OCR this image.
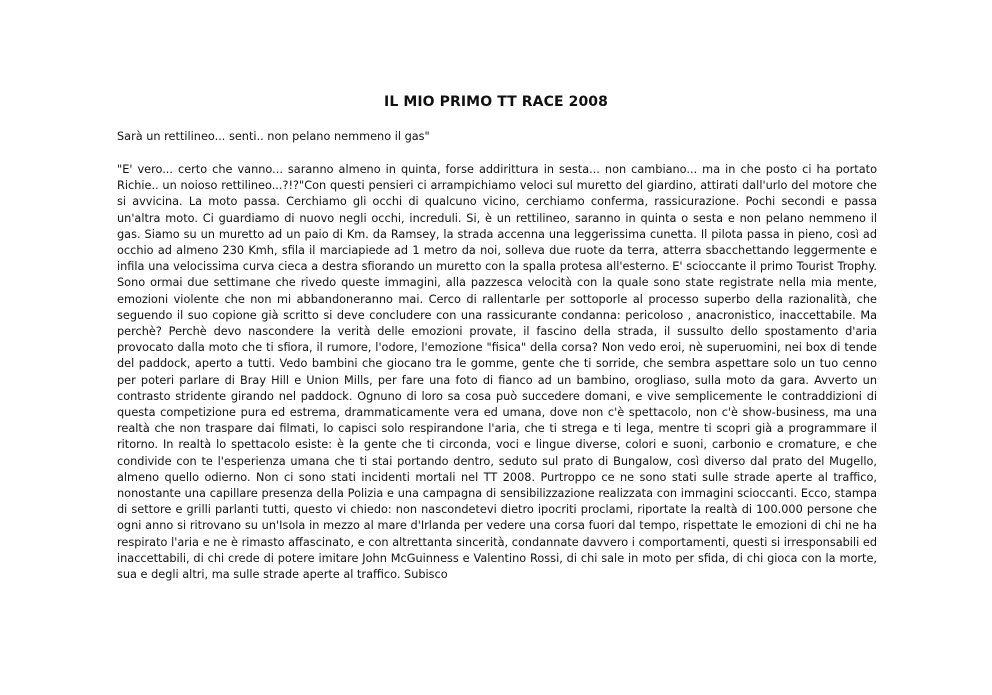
IL MIO PRIMO TT RACE 2008

Sarà un rettilineo... senti.. non pelano nemmeno il gas"

"E' vero... certo che vanno... saranno almeno in quinta, forse addirittura in sesta... non cambiano... ma in che posto ci ha portato Richie.. un noioso rettilineo...?!?"Con questi pensieri ci arrampichiamo veloci sul muretto del giardino, attirati dall'urlo del motore che si avvicina. La moto passa. Cerchiamo gli occhi di qualcuno vicino, cerchiamo conferma, rassicurazione. Pochi secondi e passa un'altra moto. Ci guardiamo di nuovo negli occhi, increduli. Si, è un rettilineo, saranno in quinta o sesta e non pelano nemmeno il gas. Siamo su un muretto ad un paio di Km. da Ramsey, la strada accenna una leggerissima cunetta. Il pilota passa in pieno, così ad occhio ad almeno 230 Kmh, sfila il marciapiede ad 1 metro da noi, solleva due ruote da terra, atterra sbacchettando leggermente e infila una velocissima curva cieca a destra sfiorando un muretto con la spalla protesa all'esterno. E' scioccante il primo Tourist Trophy. Sono ormai due settimane che rivedo queste immagini, alla pazzesca velocità con la quale sono state registrate nella mia mente, emozioni violente che non mi abbandoneranno mai. Cerco di rallentarle per sottoporle al processo superbo della razionalità, che seguendo il suo copione già scritto si deve concludere con una rassicurante condanna: pericoloso , anacronistico, inaccettabile. Ma perchè? Perchè devo nascondere la verità delle emozioni provate, il fascino della strada, il sussulto dello spostamento d'aria provocato dalla moto che ti sfiora, il rumore, l'odore, l'emozione "fisica" della corsa? Non vedo eroi, nè superuomini, nei box di tende del paddock, aperto a tutti. Vedo bambini che giocano tra le gomme, gente che ti sorride, che sembra aspettare solo un tuo cenno per poteri parlare di Bray Hill e Union Mills, per fare una foto di fianco ad un bambino, orogliaso, sulla moto da gara. Avverto un contrasto stridente girando nel paddock. Ognuno di loro sa cosa può succedere domani, e vive semplicemente le contraddizioni di questa competizione pura ed estrema, drammaticamente vera ed umana, dove non c'è spettacolo, non c'è show-business, ma una realtà che non traspare dai filmati, lo capisci solo respirandone l'aria, che ti strega e ti lega, mentre ti scopri già a programmare il ritorno. In realtà lo spettacolo esiste: è la gente che ti circonda, voci e lingue diverse, colori e suoni, carbonio e cromature, e che condivide con te l'esperienza umana che ti stai portando dentro, seduto sul prato di Bungalow, così diverso dal prato del Mugello, almeno quello odierno. Non ci sono stati incidenti mortali nel TT 2008. Purtroppo ce ne sono stati sulle strade aperte al traffico, nonostante una capillare presenza della Polizia e una campagna di sensibilizzazione realizzata con immagini scioccanti. Ecco, stampa di settore e grilli parlanti tutti, questo vi chiedo: non nascondetevi dietro ipocriti proclami, riportate la realtà di 100.000 persone che ogni anno si ritrovano su un'Isola in mezzo al mare d'Irlanda per vedere una corsa fuori dal tempo, rispettate le emozioni di chi ne ha respirato l'aria e ne è rimasto affascinato, e con altrettanta sincerità, condannate davvero i comportamenti, questi si irresponsabili ed inaccettabili, di chi crede di potere imitare John McGuinness e Valentino Rossi, di chi sale in moto per sfida, di chi gioca con la morte, sua e degli altri, ma sulle strade aperte al traffico. Subisco
